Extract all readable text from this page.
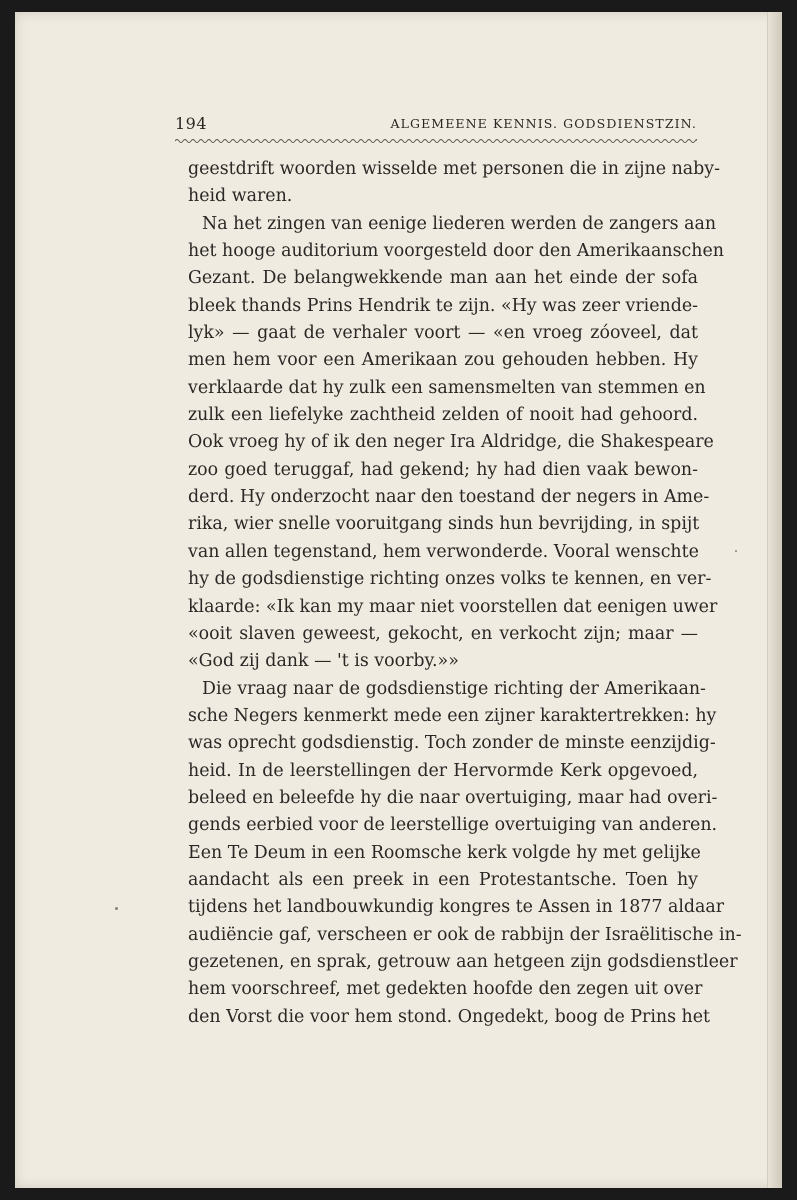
194	ALGEMEENE KENNIS. GODSDIENSTZIN.
geestdrift woorden wisselde met personen die in zijne naby-
heid waren.
Na het zingen van eenige liederen werden de zangers aan
het hooge auditorium voorgesteld door den Amerikaanschen
Gezant. De belangwekkende man aan het einde der sofa
bleek thands Prins Hendrik te zijn. «Hy was zeer vriende-
lyk» — gaat de verhaler voort — «en vroeg zóoveel, dat
men hem voor een Amerikaan zou gehouden hebben. Hy
verklaarde dat hy zulk een samensmelten van stemmen en
zulk een liefelyke zachtheid zelden of nooit had gehoord.
Ook vroeg hy of ik den neger Ira Aldridge, die Shakespeare
zoo goed teruggaf, had gekend; hy had dien vaak bewon-
derd. Hy onderzocht naar den toestand der negers in Ame-
rika, wier snelle vooruitgang sinds hun bevrijding, in spijt
van allen tegenstand, hem verwonderde. Vooral wenschte
hy de godsdienstige richting onzes volks te kennen, en ver-
klaarde: «Ik kan my maar niet voorstellen dat eenigen uwer
«ooit slaven geweest, gekocht, en verkocht zijn; maar —
«God zij dank — 't is voorby.»»
Die vraag naar de godsdienstige richting der Amerikaan-
sche Negers kenmerkt mede een zijner karaktertrekken: hy
was oprecht godsdienstig. Toch zonder de minste eenzijdig-
heid. In de leerstellingen der Hervormde Kerk opgevoed,
beleed en beleefde hy die naar overtuiging, maar had overi-
gends eerbied voor de leerstellige overtuiging van anderen.
Een Te Deum in een Roomsche kerk volgde hy met gelijke
aandacht als een preek in een Protestantsche. Toen hy
tijdens het landbouwkundig kongres te Assen in 1877 aldaar
audiëncie gaf, verscheen er ook de rabbijn der Israëlitische in-
gezetenen, en sprak, getrouw aan hetgeen zijn godsdienstleer
hem voorschreef, met gedekten hoofde den zegen uit over
den Vorst die voor hem stond. Ongedekt, boog de Prins het
